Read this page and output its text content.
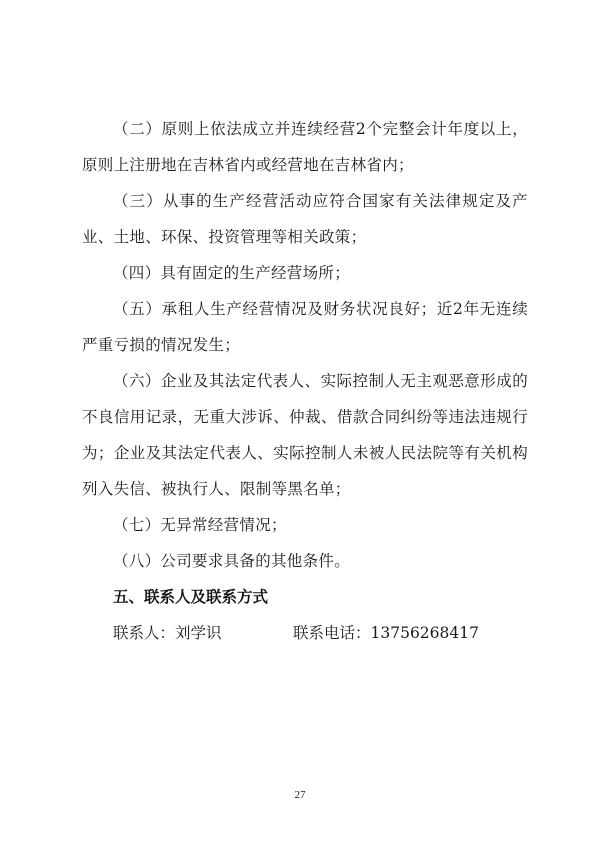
（二）原则上依法成立并连续经营2个完整会计年度以上，原则上注册地在吉林省内或经营地在吉林省内；

（三）从事的生产经营活动应符合国家有关法律规定及产业、土地、环保、投资管理等相关政策；

（四）具有固定的生产经营场所；

（五）承租人生产经营情况及财务状况良好；近2年无连续严重亏损的情况发生；

（六）企业及其法定代表人、实际控制人无主观恶意形成的不良信用记录，无重大涉诉、仲裁、借款合同纠纷等违法违规行为；企业及其法定代表人、实际控制人未被人民法院等有关机构列入失信、被执行人、限制等黑名单；

（七）无异常经营情况；

（八）公司要求具备的其他条件。

五、联系人及联系方式
联系人：刘学识	联系电话：13756268417
27
